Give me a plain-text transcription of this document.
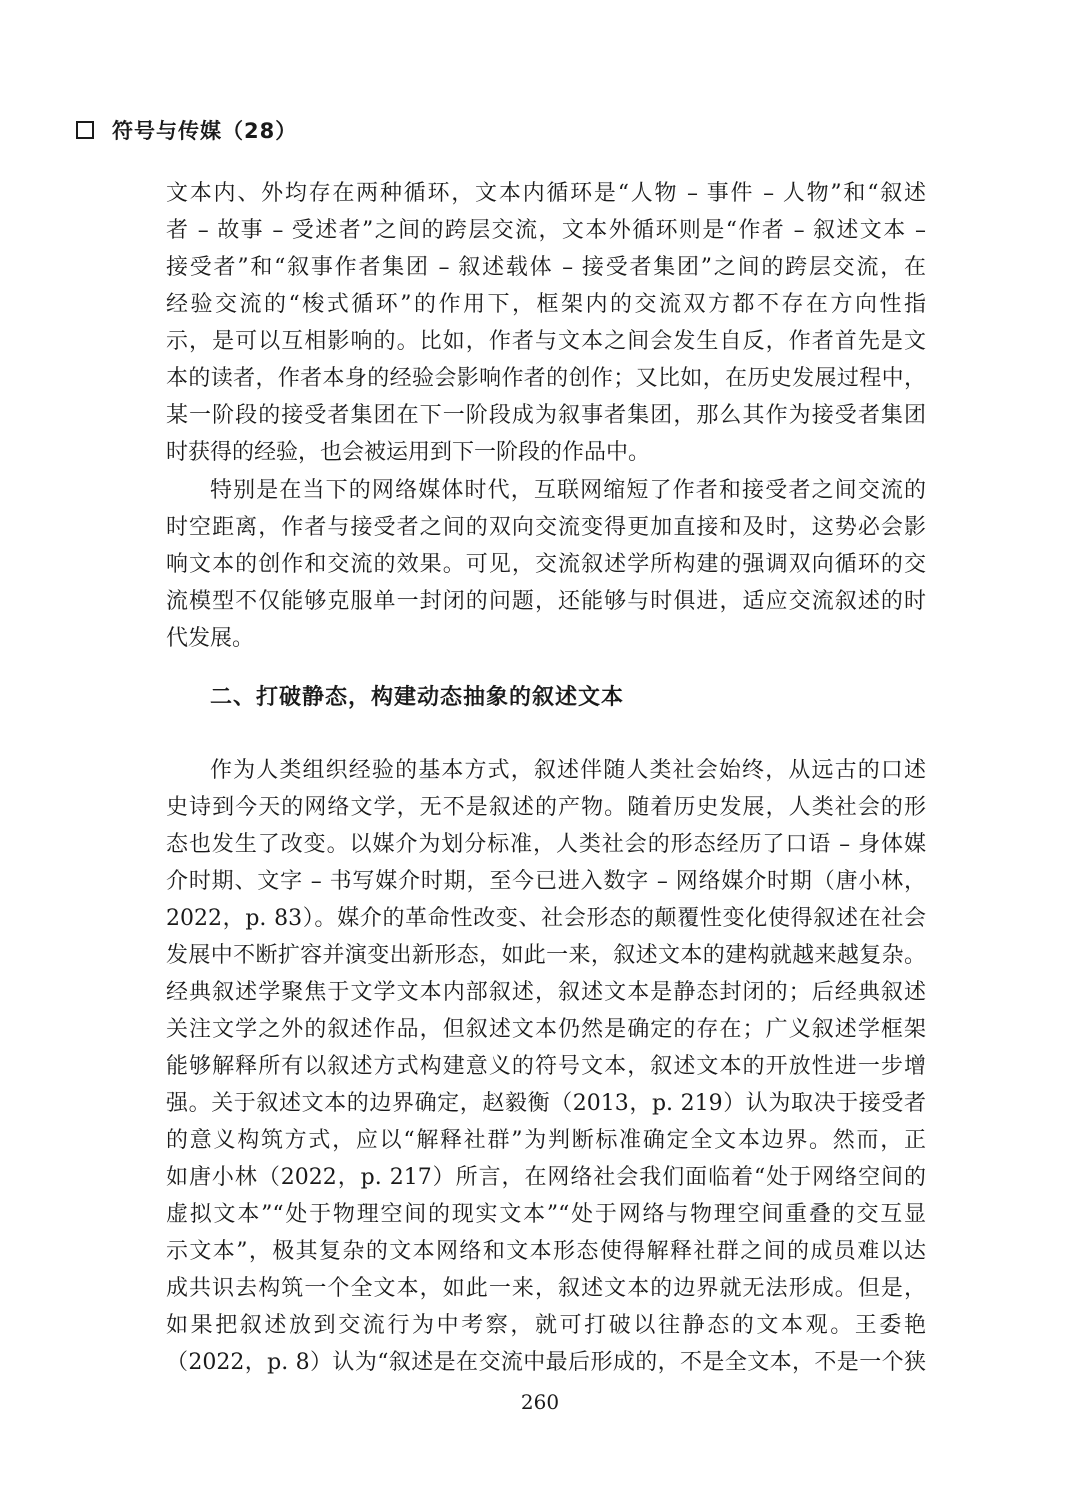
符号与传媒（28）
文本内、外均存在两种循环，文本内循环是“人物 – 事件 – 人物”和“叙述
者 – 故事 – 受述者”之间的跨层交流，文本外循环则是“作者 – 叙述文本 –
接受者”和“叙事作者集团 – 叙述载体 – 接受者集团”之间的跨层交流，在
经验交流的“梭式循环”的作用下，框架内的交流双方都不存在方向性指
示，是可以互相影响的。比如，作者与文本之间会发生自反，作者首先是文
本的读者，作者本身的经验会影响作者的创作；又比如，在历史发展过程中，
某一阶段的接受者集团在下一阶段成为叙事者集团，那么其作为接受者集团
时获得的经验，也会被运用到下一阶段的作品中。
特别是在当下的网络媒体时代，互联网缩短了作者和接受者之间交流的
时空距离，作者与接受者之间的双向交流变得更加直接和及时，这势必会影
响文本的创作和交流的效果。可见，交流叙述学所构建的强调双向循环的交
流模型不仅能够克服单一封闭的问题，还能够与时俱进，适应交流叙述的时
代发展。
二、打破静态，构建动态抽象的叙述文本
作为人类组织经验的基本方式，叙述伴随人类社会始终，从远古的口述
史诗到今天的网络文学，无不是叙述的产物。随着历史发展，人类社会的形
态也发生了改变。以媒介为划分标准，人类社会的形态经历了口语 – 身体媒
介时期、文字 – 书写媒介时期，至今已进入数字 – 网络媒介时期（唐小林，
2022，p. 83）。媒介的革命性改变、社会形态的颠覆性变化使得叙述在社会
发展中不断扩容并演变出新形态，如此一来，叙述文本的建构就越来越复杂。
经典叙述学聚焦于文学文本内部叙述，叙述文本是静态封闭的；后经典叙述
关注文学之外的叙述作品，但叙述文本仍然是确定的存在；广义叙述学框架
能够解释所有以叙述方式构建意义的符号文本，叙述文本的开放性进一步增
强。关于叙述文本的边界确定，赵毅衡（2013，p. 219）认为取决于接受者
的意义构筑方式，应以“解释社群”为判断标准确定全文本边界。然而，正
如唐小林（2022，p. 217）所言，在网络社会我们面临着“处于网络空间的
虚拟文本”“处于物理空间的现实文本”“处于网络与物理空间重叠的交互显
示文本”，极其复杂的文本网络和文本形态使得解释社群之间的成员难以达
成共识去构筑一个全文本，如此一来，叙述文本的边界就无法形成。但是，
如果把叙述放到交流行为中考察，就可打破以往静态的文本观。王委艳
（2022，p. 8）认为“叙述是在交流中最后形成的，不是全文本，不是一个狭
260
